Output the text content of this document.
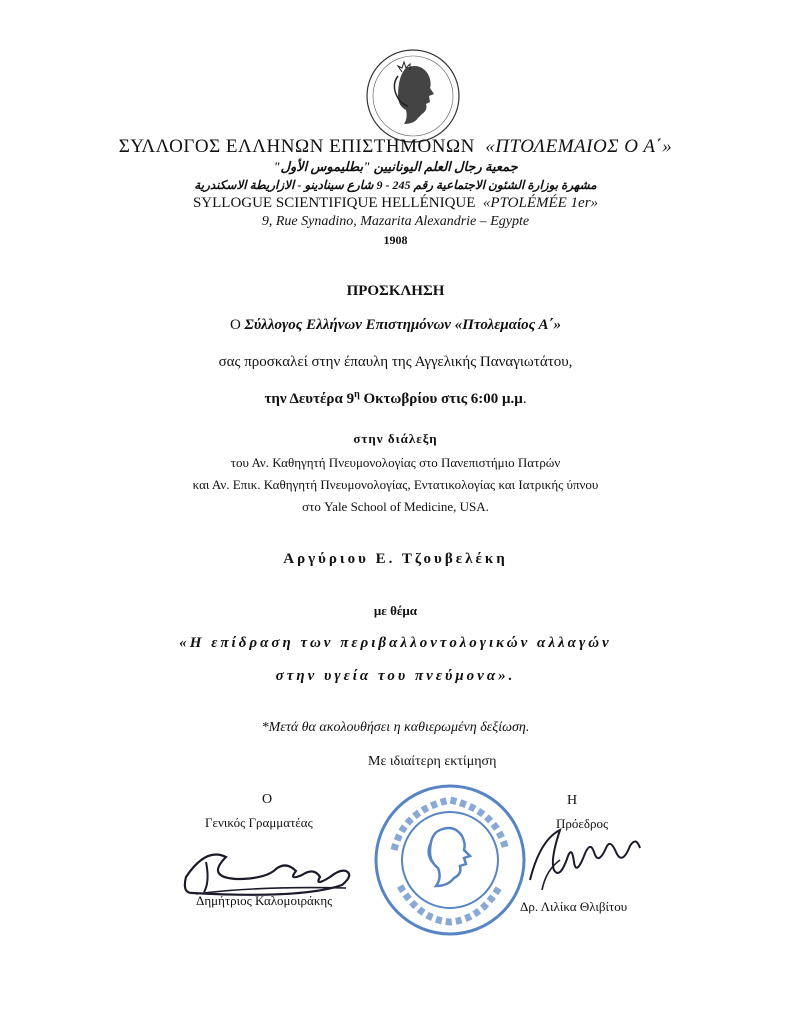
ΣΥΛΛΟΓΟΣ ΕΛΛΗΝΩΝ ΕΠΙΣΤΗΜΟΝΩΝ «ΠΤΟΛΕΜΑΙΟΣ Ο Α΄»
جمعية رجال العلم اليونانيين "بطليموس الأول"
مشهرة بوزارة الشئون الاجتماعية رقم 245 - 9 شارع سينادينو - الازاريطة الاسكندرية
SYLLOGUE SCIENTIFIQUE HELLÉNIQUE «PTOLÉMÉE 1er»
9, Rue Synadino, Mazarita Alexandrie – Egypte
1908
ΠΡΟΣΚΛΗΣΗ
Ο Σύλλογος Ελλήνων Επιστημόνων «Πτολεμαίος Α΄»
σας προσκαλεί στην έπαυλη της Αγγελικής Παναγιωτάτου,
την Δευτέρα $9^\eta$ Οκτωβρίου στις 6:00 μ.μ.
στην διάλεξη
του Αν. Καθηγητή Πνευμονολογίας στο Πανεπιστήμιο Πατρών
και Αν. Επικ. Καθηγητή Πνευμονολογίας, Εντατικολογίας και Ιατρικής ύπνου
στο Yale School of Medicine, USA.
Αργύριου Ε. Τζουβελέκη
με θέμα
«Η επίδραση των περιβαλλοντολογικών αλλαγών
στην υγεία του πνεύμονα».
*Μετά θα ακολουθήσει η καθιερωμένη δεξίωση.
Με ιδιαίτερη εκτίμηση
Ο
Γενικός Γραμματέας
Δημήτριος Καλομοιράκης
Η
Πρόεδρος
Δρ. Λιλίκα Θλιβίτου
